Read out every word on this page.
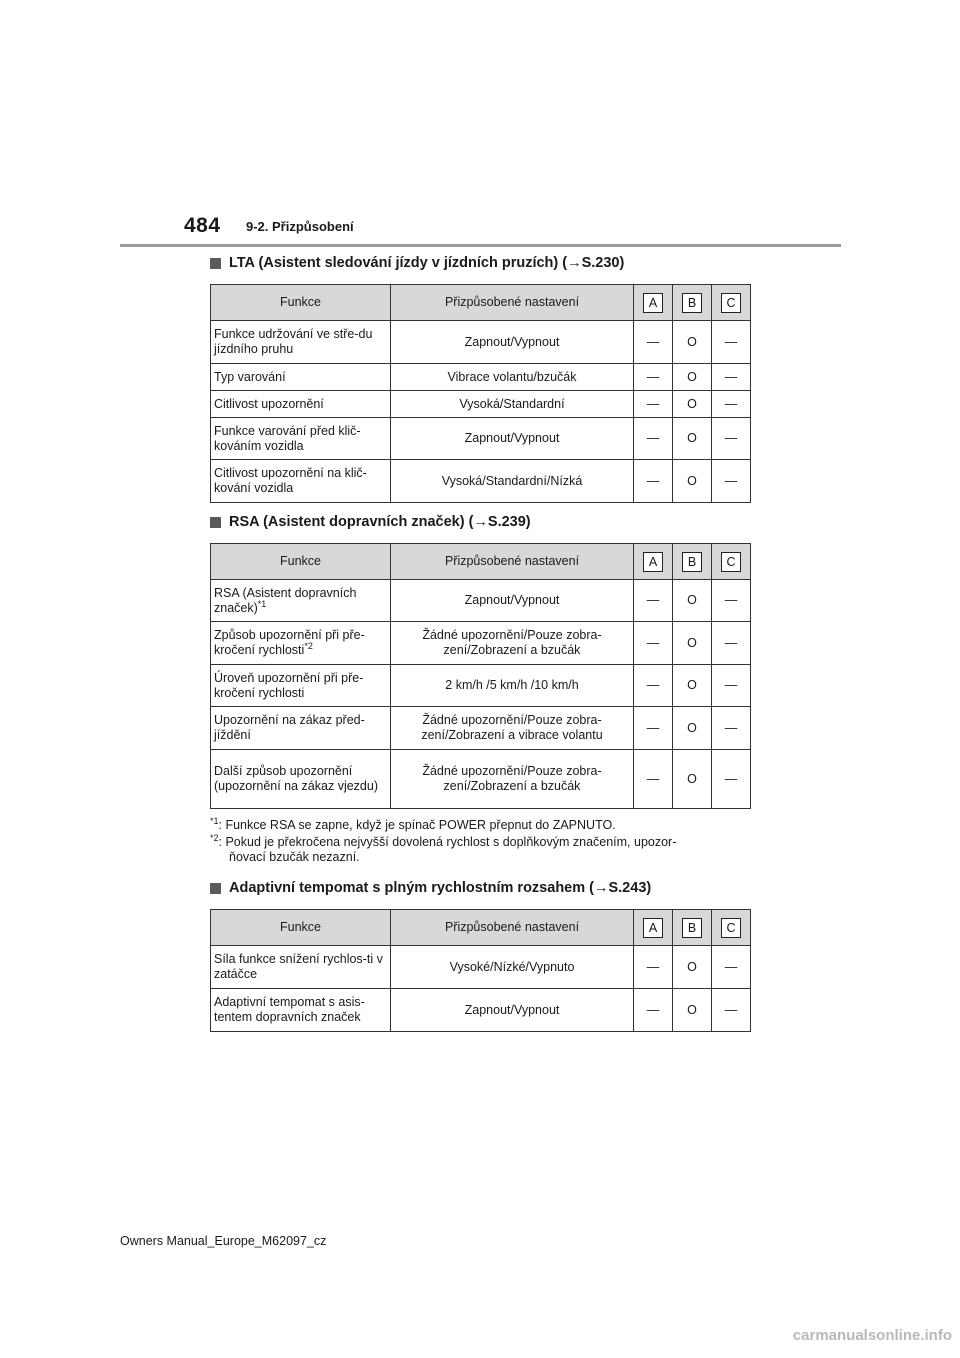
484 9-2. Přizpůsobení
LTA (Asistent sledování jízdy v jízdních pruzích) (→S.230)
Funkce	Přizpůsobené nastavení	A	B	C
Funkce udržování ve stře-du jízdního pruhu	Zapnout/Vypnout	—	O	—
Typ varování	Vibrace volantu/bzučák	—	O	—
Citlivost upozornění	Vysoká/Standardní	—	O	—
Funkce varování před klič-kováním vozidla	Zapnout/Vypnout	—	O	—
Citlivost upozornění na klič-kování vozidla	Vysoká/Standardní/Nízká	—	O	—
RSA (Asistent dopravních značek) (→S.239)
Funkce	Přizpůsobené nastavení	A	B	C
RSA (Asistent dopravních značek)$^{*1}$	Zapnout/Vypnout	—	O	—
Způsob upozornění při pře-kročení rychlosti$^{*2}$	Žádné upozornění/Pouze zobra-zení/Zobrazení a bzučák	—	O	—
Úroveň upozornění při pře-kročení rychlosti	2 km/h /5 km/h /10 km/h	—	O	—
Upozornění na zákaz před-jíždění	Žádné upozornění/Pouze zobra-zení/Zobrazení a vibrace volantu	—	O	—
Další způsob upozornění (upozornění na zákaz vjezdu)	Žádné upozornění/Pouze zobra-zení/Zobrazení a bzučák	—	O	—
$^{*1}$: Funkce RSA se zapne, když je spínač POWER přepnut do ZAPNUTO.
$^{*2}$: Pokud je překročena nejvyšší dovolená rychlost s doplňkovým značením, upozor-
ňovací bzučák nezazní.
Adaptivní tempomat s plným rychlostním rozsahem (→S.243)
Funkce	Přizpůsobené nastavení	A	B	C
Síla funkce snížení rychlos-ti v zatáčce	Vysoké/Nízké/Vypnuto	—	O	—
Adaptivní tempomat s asis-tentem dopravních značek	Zapnout/Vypnout	—	O	—
Owners Manual_Europe_M62097_cz
carmanualsonline.info
